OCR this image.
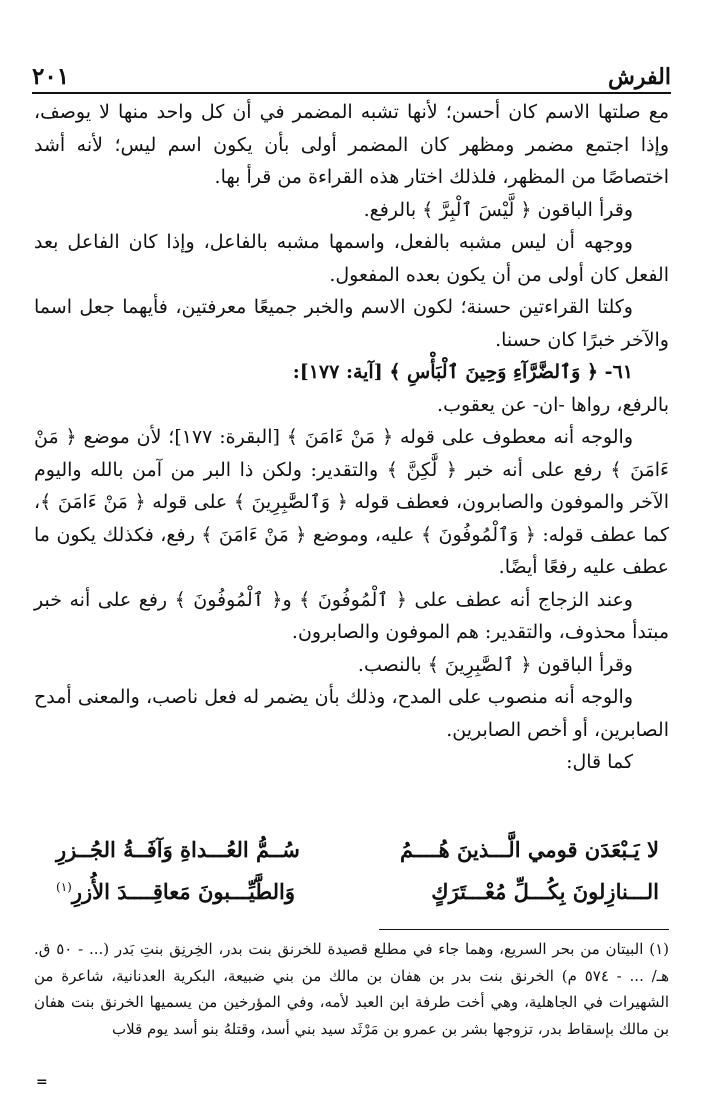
٢٠١	الفرش

مع صلتها الاسم كان أحسن؛ لأنها تشبه المضمر في أن كل واحد منها لا يوصف، وإذا اجتمع مضمر ومظهر كان المضمر أولى بأن يكون اسم ليس؛ لأنه أشد اختصاصًا من المظهر، فلذلك اختار هذه القراءة من قرأ بها.

وقرأ الباقون ﴿ لَّيْسَ ٱلْبِرَّ ﴾ بالرفع.

ووجهه أن ليس مشبه بالفعل، واسمها مشبه بالفاعل، وإذا كان الفاعل بعد الفعل كان أولى من أن يكون بعده المفعول.

وكلتا القراءتين حسنة؛ لكون الاسم والخبر جميعًا معرفتين، فأيهما جعل اسما والآخر خبرًا كان حسنا.

٦١- ﴿ وَٱلضَّرَّآءِ وَحِينَ ٱلْبَأْسِ ﴾ [آية: ١٧٧]:

بالرفع، رواها -ان- عن يعقوب.

والوجه أنه معطوف على قوله ﴿ مَنْ ءَامَنَ ﴾ [البقرة: ١٧٧]؛ لأن موضع ﴿ مَنْ ءَامَنَ ﴾ رفع على أنه خبر ﴿ لَّٰكِنَّ ﴾ والتقدير: ولكن ذا البر من آمن بالله واليوم الآخر والموفون والصابرون، فعطف قوله ﴿ وَٱلصَّٰبِرِينَ ﴾ على قوله ﴿ مَنْ ءَامَنَ ﴾، كما عطف قوله: ﴿ وَٱلْمُوفُونَ ﴾ عليه، وموضع ﴿ مَنْ ءَامَنَ ﴾ رفع، فكذلك يكون ما عطف عليه رفعًا أيضًا.

وعند الزجاج أنه عطف على ﴿ ٱلْمُوفُونَ ﴾ و﴿ ٱلْمُوفُونَ ﴾ رفع على أنه خبر مبتدأ محذوف، والتقدير: هم الموفون والصابرون.

وقرأ الباقون ﴿ ٱلصَّٰبِرِينَ ﴾ بالنصب.

والوجه أنه منصوب على المدح، وذلك بأن يضمر له فعل ناصب، والمعنى أمدح الصابرين، أو أخص الصابرين.

كما قال:

لا يَـبْعَدَن قومي الَّـــذينَ هُــــمُ
سُــمُّ العُـــداةِ وَآفَــةُ الجُــزرِ
الـــنازِلونَ بِكُـــلِّ مُعْـــتَرَكٍ
وَالطَّيِّـــبونَ مَعاقِــــدَ الأُزرِ$^{(١)}$

(١) البيتان من بحر السريع، وهما جاء في مطلع قصيدة للخرنق بنت بدر، الخِرنِق بنتِ بَدر (... - ٥٠ ق. هـ/ ... - ٥٧٤ م) الخرنق بنت بدر بن هفان بن مالك من بني ضبيعة، البكرية العدنانية، شاعرة من الشهيرات في الجاهلية، وهي أخت طرفة ابن العبد لأمه، وفي المؤرخين من يسميها الخرنق بنت هفان بن مالك بإسقاط بدر، تزوجها بشر بن عمرو بن مَرْثَد سيد بني أسد، وقتلهُ بنو أسد يوم قلاب

=
